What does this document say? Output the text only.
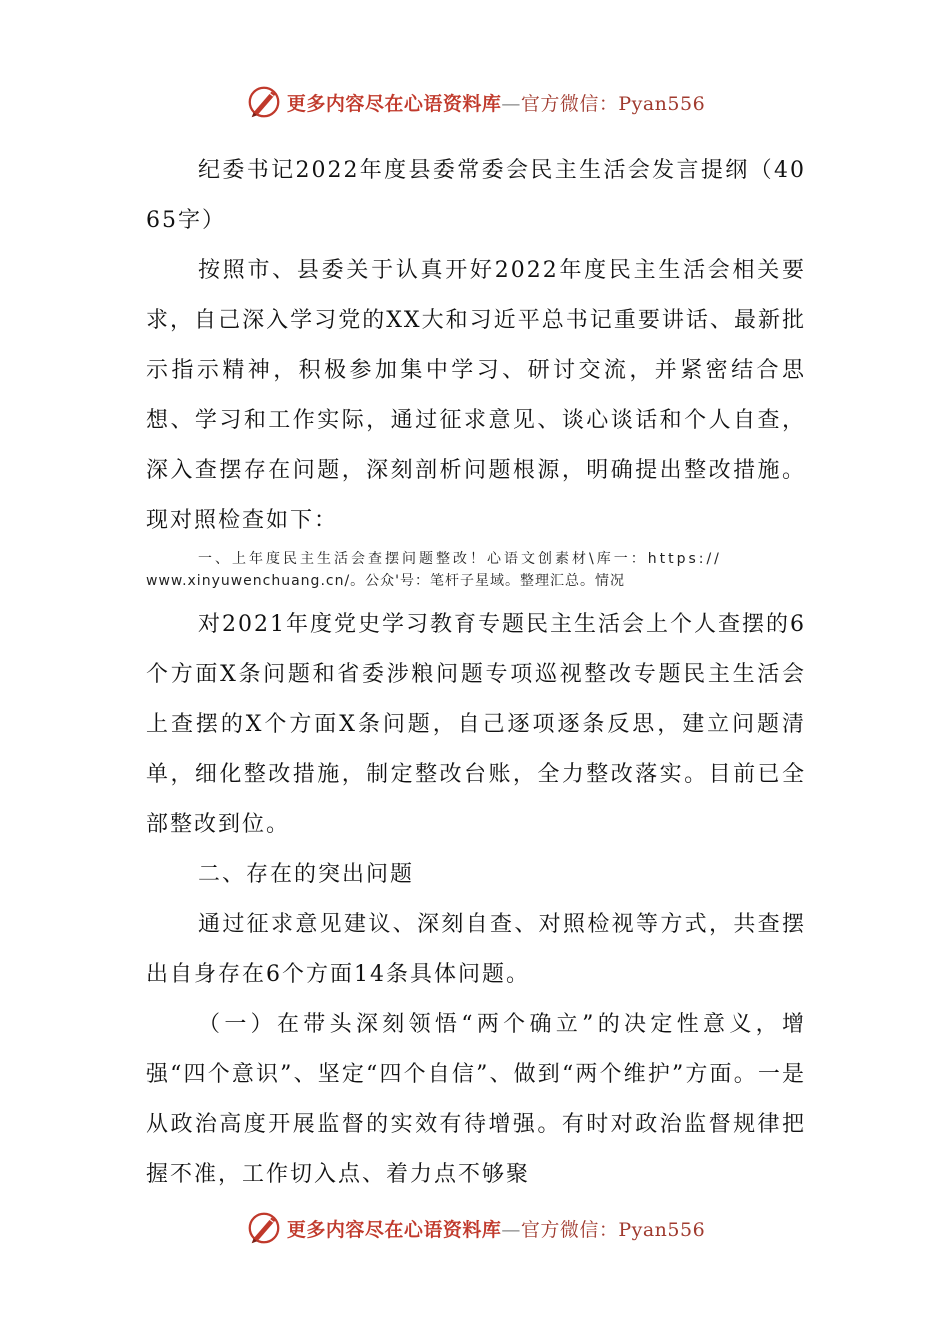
更多内容尽在心语资料库—官方微信：Pyan556

纪委书记2022年度县委常委会民主生活会发言提纲（4065字）

按照市、县委关于认真开好2022年度民主生活会相关要求，自己深入学习党的XX大和习近平总书记重要讲话、最新批示指示精神，积极参加集中学习、研讨交流，并紧密结合思想、学习和工作实际，通过征求意见、谈心谈话和个人自查，深入查摆存在问题，深刻剖析问题根源，明确提出整改措施。现对照检查如下：

一、上年度民主生活会查摆问题整改！心语文创素材\库一：https://
www.xinyuwenchuang.cn/。公众'号：笔杆子星域。整理汇总。情况

对2021年度党史学习教育专题民主生活会上个人查摆的6个方面X条问题和省委涉粮问题专项巡视整改专题民主生活会上查摆的X个方面X条问题，自己逐项逐条反思，建立问题清单，细化整改措施，制定整改台账，全力整改落实。目前已全部整改到位。

二、存在的突出问题

通过征求意见建议、深刻自查、对照检视等方式，共查摆出自身存在6个方面14条具体问题。

（一）在带头深刻领悟“两个确立”的决定性意义，增强“四个意识”、坚定“四个自信”、做到“两个维护”方面。一是从政治高度开展监督的实效有待增强。有时对政治监督规律把握不准，工作切入点、着力点不够聚

更多内容尽在心语资料库—官方微信：Pyan556
